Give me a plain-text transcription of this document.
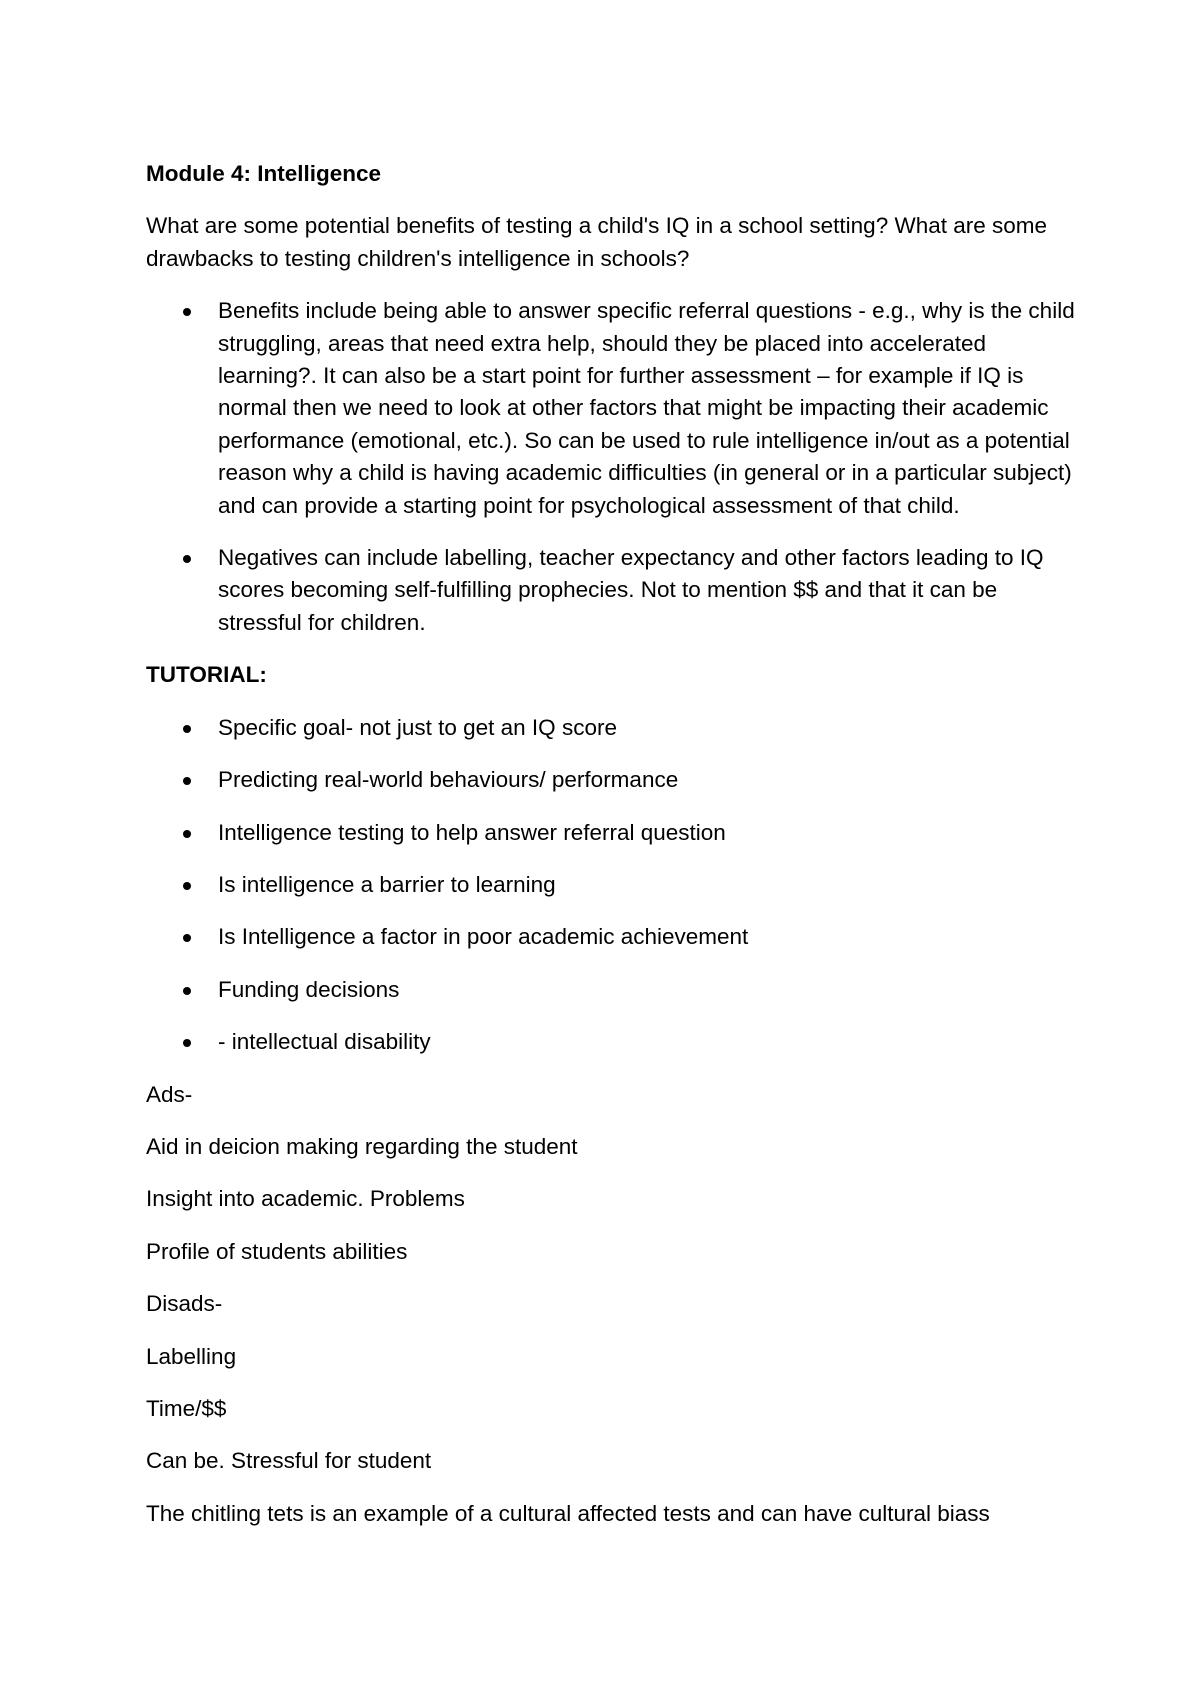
Module 4: Intelligence
What are some potential benefits of testing a child's IQ in a school setting? What are some drawbacks to testing children's intelligence in schools?
Benefits include being able to answer specific referral questions - e.g., why is the child struggling, areas that need extra help, should they be placed into accelerated learning?. It can also be a start point for further assessment – for example if IQ is normal then we need to look at other factors that might be impacting their academic performance (emotional, etc.). So can be used to rule intelligence in/out as a potential reason why a child is having academic difficulties (in general or in a particular subject) and can provide a starting point for psychological assessment of that child.
Negatives can include labelling, teacher expectancy and other factors leading to IQ scores becoming self-fulfilling prophecies. Not to mention $$ and that it can be stressful for children.
TUTORIAL:
Specific goal- not just to get an IQ score
Predicting real-world behaviours/ performance
Intelligence testing to help answer referral question
Is intelligence a barrier to learning
Is Intelligence a factor in poor academic achievement
Funding decisions
- intellectual disability
Ads-
Aid in deicion making regarding the student
Insight into academic. Problems
Profile of students abilities
Disads-
Labelling
Time/$$
Can be. Stressful for student
The chitling tets is an example of a cultural affected tests and can have cultural biass
